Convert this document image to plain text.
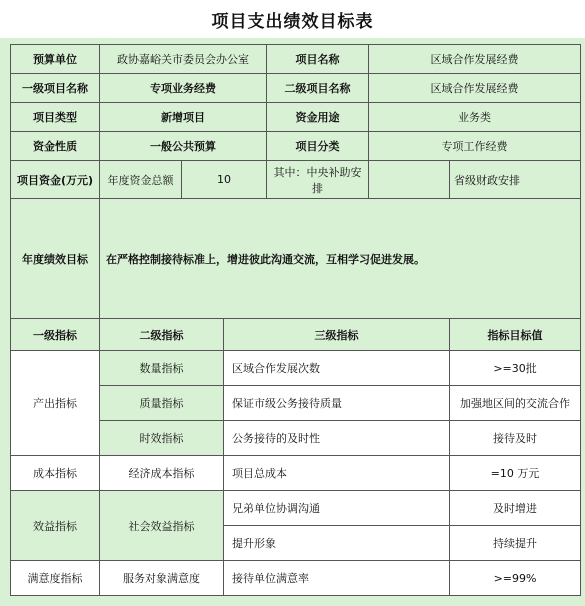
项目支出绩效目标表
预算单位	政协嘉峪关市委员会办公室			项目名称	区域合作发展经费	
一级项目名称	专项业务经费			二级项目名称	区域合作发展经费	
项目类型	新增项目			资金用途	业务类	
资金性质	一般公共预算			项目分类	专项工作经费	
项目资金(万元)	年度资金总额	10		其中：中央补助安排		省级财政安排
年度绩效目标	在严格控制接待标准上，增进彼此沟通交流，互相学习促进发展。					
一级指标	二级指标		三级指标			指标目标值
产出指标	数量指标		区域合作发展次数			>=30批
	质量指标		保证市级公务接待质量			加强地区间的交流合作
	时效指标		公务接待的及时性			接待及时
成本指标	经济成本指标		项目总成本			=10 万元
效益指标	社会效益指标		兄弟单位协调沟通			及时增进
			提升形象			持续提升
满意度指标	服务对象满意度		接待单位满意率			>=99%
